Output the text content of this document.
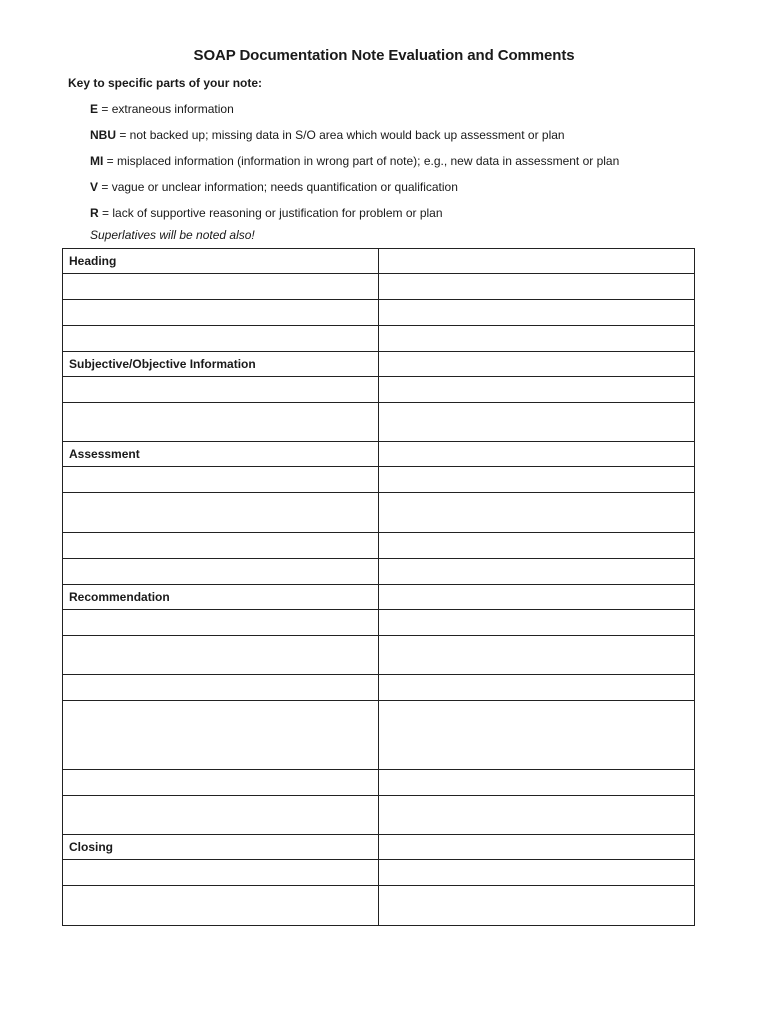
SOAP Documentation Note Evaluation and Comments
Key to specific parts of your note:
E = extraneous information
NBU = not backed up; missing data in S/O area which would back up assessment or plan
MI = misplaced information (information in wrong part of note); e.g., new data in assessment or plan
V = vague or unclear information; needs quantification or qualification
R = lack of supportive reasoning or justification for problem or plan
Superlatives will be noted also!
Heading	

Subjective/Objective Information	

Assessment	

Recommendation	

Closing	
